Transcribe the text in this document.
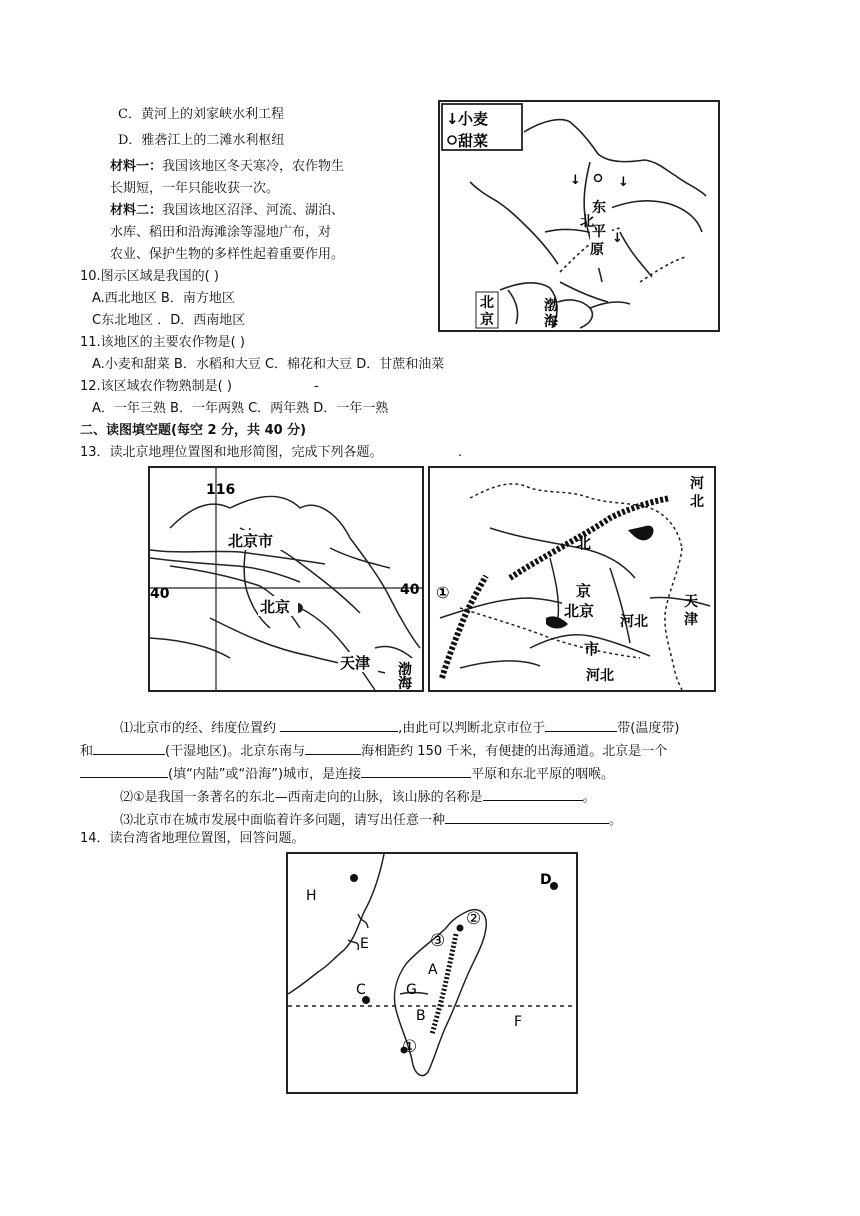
C．黄河上的刘家峡水利工程
D．雅砻江上的二滩水利枢纽
材料一：我国该地区冬天寒冷，农作物生
长期短，一年只能收获一次。
材料二：我国该地区沼泽、河流、湖泊、
水库、稻田和沿海滩涂等湿地广布，对
农业、保护生物的多样性起着重要作用。
10.图示区域是我国的( )
A.西北地区 B．南方地区
C东北地区 ．D．西南地区
11.该地区的主要农作物是( )
A.小麦和甜菜 B．水稻和大豆 C．棉花和大豆 D．甘蔗和油菜
12.该区域农作物熟制是( )	-
A．一年三熟 B．一年两熟 C．两年熟 D．一年一熟
二、读图填空题(每空 2 分，共 40 分)
13．读北京地理位置图和地形简图，完成下列各题。	.
↓ 小麦
甜菜
↓	↓
↓
东
北
平
原
北
京
渤
海
116
北京市
40	40
北京
天津 渤
海
河
北
北
京
北京
市
河北
河北
天
津
①
⑴北京市的经、纬度位置约	,由此可以判断北京市位于	带(温度带)
和	(干湿地区)。北京东南与	海相距约 150 千米，有便捷的出海通道。北京是一个
(填“内陆”或“沿海”)城市，是连接	平原和东北平原的咽喉。
⑵①是我国一条著名的东北—西南走向的山脉，该山脉的名称是	。
⑶北京市在城市发展中面临着许多问题，请写出任意一种	。
14．读台湾省地理位置图，回答问题。
H
D
E
C
A
G
B	F
②
③
①
